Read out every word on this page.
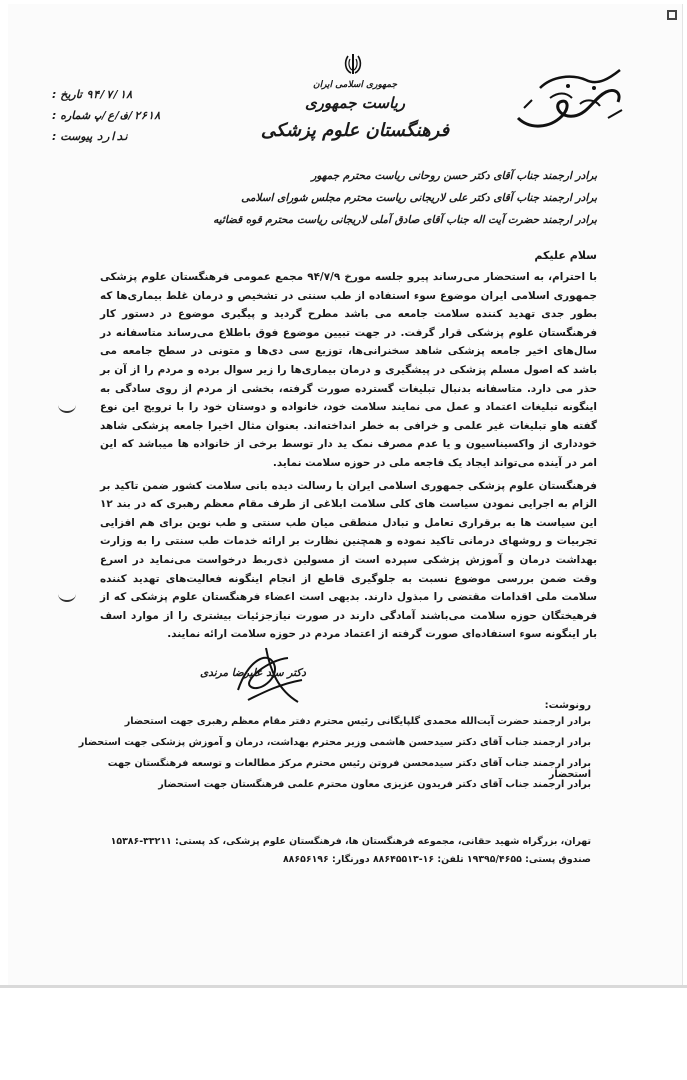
جمهوری اسلامی ایران
ریاست جمهوری
فرهنگستان علوم پزشکی
تاریخ : ۹۴/۷/۱۸
شماره : ۲۶۱۸/ف/ع/پ
پیوست : ندارد
برادر ارجمند جناب آقای دکتر حسن روحانی ریاست محترم جمهور
برادر ارجمند جناب آقای دکتر علی لاریجانی ریاست محترم مجلس شورای اسلامی
برادر ارجمند حضرت آیت اله جناب آقای صادق آملی لاریجانی ریاست محترم قوه قضائیه
سلام علیکم

با احترام، به استحضار می‌رساند پیرو جلسه مورخ ۹۴/۷/۹ مجمع عمومی فرهنگستان علوم پزشکی جمهوری اسلامی ایران موضوع سوء استفاده از طب سنتی در تشخیص و درمان غلط بیماری‌ها که بطور جدی تهدید کننده سلامت جامعه می باشد مطرح گردید و پیگیری موضوع در دستور کار فرهنگستان علوم پزشکی قرار گرفت. در جهت تبیین موضوع فوق باطلاع می‌رساند متاسفانه در سال‌های اخیر جامعه پزشکی شاهد سخنرانی‌ها، توزیع سی دی‌ها و متونی در سطح جامعه می باشد که اصول مسلم پزشکی در پیشگیری و درمان بیماری‌ها را زیر سوال برده و مردم را از آن بر حذر می دارد. متاسفانه بدنبال تبلیغات گسترده صورت گرفته، بخشی از مردم از روی سادگی به اینگونه تبلیغات اعتماد و عمل می نمایند سلامت خود، خانواده و دوستان خود را با ترویج این نوع گفته هاو تبلیغات غیر علمی و خرافی به خطر انداخته‌اند. بعنوان مثال اخیرا جامعه پزشکی شاهد خودداری از واکسیناسیون و یا عدم مصرف نمک ید دار توسط برخی از خانواده ها میباشد که این امر در آینده می‌تواند ایجاد یک فاجعه ملی در حوزه سلامت نماید.

فرهنگستان علوم پزشکی جمهوری اسلامی ایران با رسالت دیده بانی سلامت کشور ضمن تاکید بر الزام به اجرایی نمودن سیاست های کلی سلامت ابلاغی از طرف مقام معظم رهبری که در بند ۱۲ این سیاست ها به برقراری تعامل و تبادل منطقی میان طب سنتی و طب نوین برای هم افزایی تجربیات و روشهای درمانی تاکید نموده و همچنین نظارت بر ارائه خدمات طب سنتی را به وزارت بهداشت درمان و آموزش پزشکی سپرده است از مسولین ذی‌ربط درخواست می‌نماید در اسرع وقت ضمن بررسی موضوع نسبت به جلوگیری قاطع از انجام اینگونه فعالیت‌های تهدید کننده سلامت ملی اقدامات مقتضی را مبذول دارند. بدیهی است اعضاء فرهنگستان علوم پزشکی که از فرهیختگان حوزه سلامت می‌باشند آمادگی دارند در صورت نیازجزئیات بیشتری را از موارد اسف بار اینگونه سوء استفاده‌ای صورت گرفته از اعتماد مردم در حوزه سلامت ارائه نمایند.

دکتر سید علیرضا مرندی
رونوشت:
برادر ارجمند حضرت آیت‌الله محمدی گلپایگانی رئیس محترم دفتر مقام معظم رهبری جهت استحضار
برادر ارجمند جناب آقای دکتر سیدحسن هاشمی وزیر محترم بهداشت، درمان و آموزش پزشکی جهت استحضار
برادر ارجمند جناب آقای دکتر سیدمحسن فروتن رئیس محترم مرکز مطالعات و توسعه فرهنگستان جهت استحضار
برادر ارجمند جناب آقای دکتر فریدون عزیزی معاون محترم علمی فرهنگستان جهت استحضار
تهران، بزرگراه شهید حقانی، مجموعه فرهنگستان ها، فرهنگستان علوم پزشکی، کد پستی: ۳۳۲۱۱-۱۵۳۸۶
صندوق پستی: ۱۹۳۹۵/۴۶۵۵ تلفن: ۱۶-۸۸۶۴۵۵۱۳ دورنگار: ۸۸۶۵۶۱۹۶
